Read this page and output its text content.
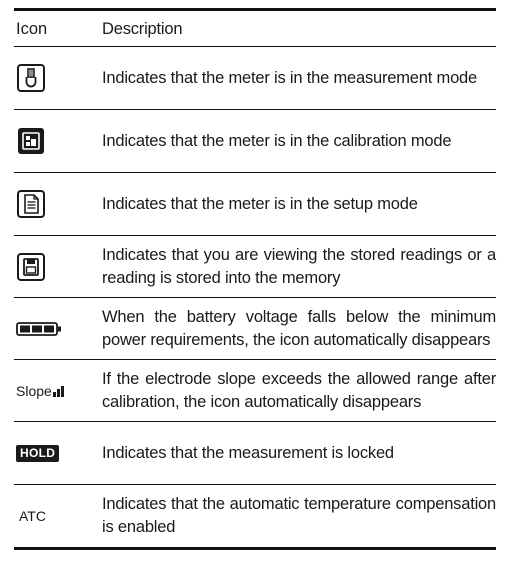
Icon	Description
Indicates that the meter is in the measurement mode
Indicates that the meter is in the calibration mode
Indicates that the meter is in the setup mode
Indicates that you are viewing the stored readings or a reading is stored into the memory
When the battery voltage falls below the minimum power requirements, the icon automatically disappears
Slope
If the electrode slope exceeds the allowed range after calibration, the icon automatically disappears
HOLD	Indicates that the measurement is locked
ATC
Indicates that the automatic temperature compensation is enabled
